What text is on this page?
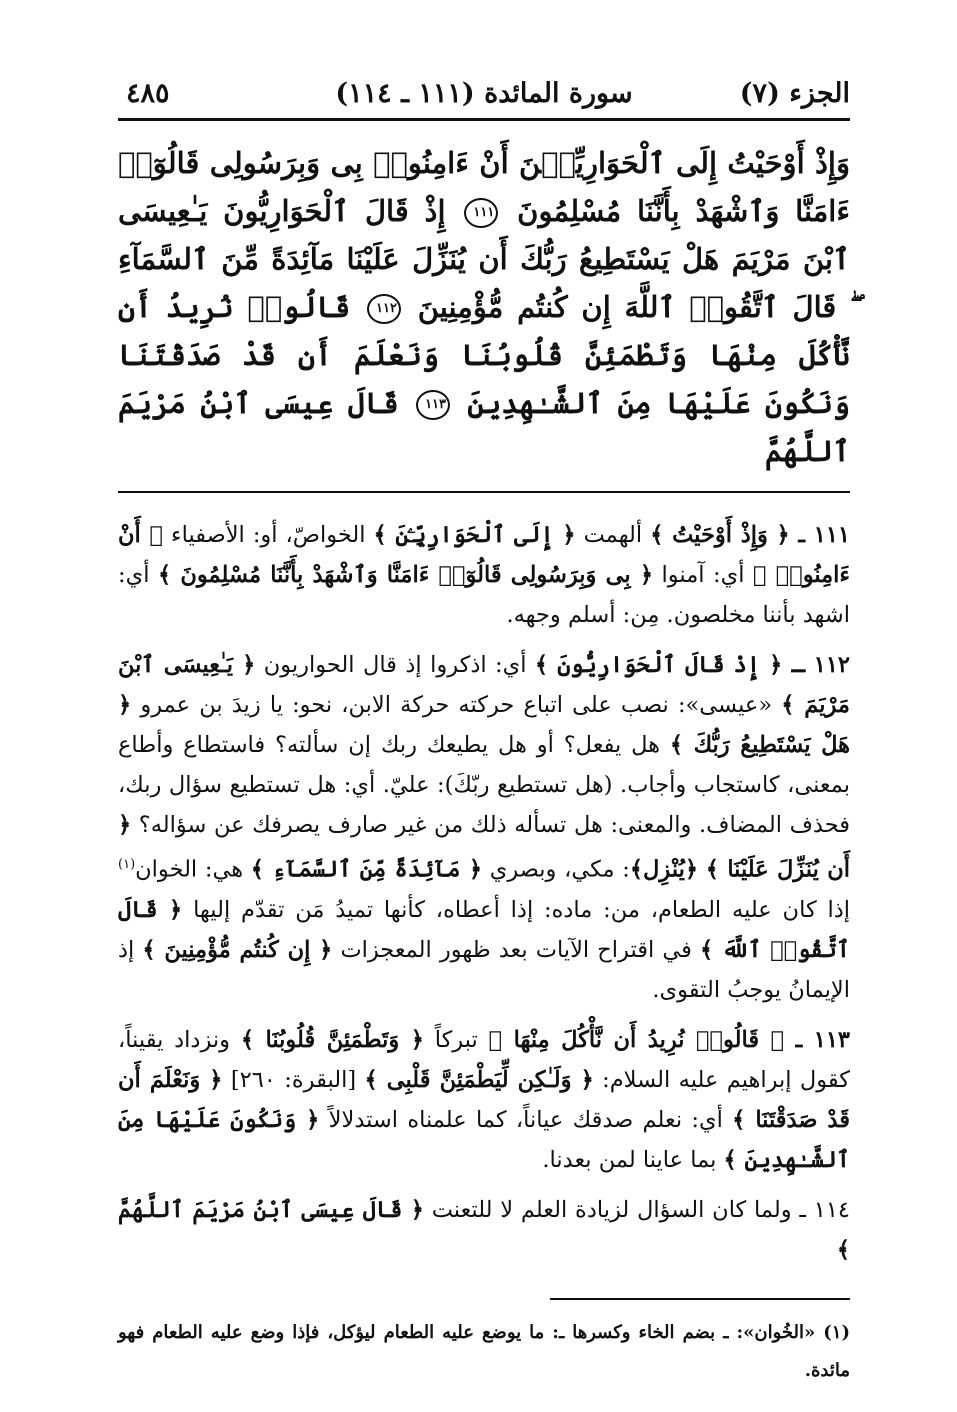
الجزء (٧)
سورة المائدة (١١١ ـ ١١٤)
٤٨٥
وَإِذْ أَوْحَيْتُ إِلَى ٱلْحَوَارِيِّـۧنَ أَنْ ءَامِنُوا۟ بِى وَبِرَسُولِى قَالُوٓا۟ ءَامَنَّا وَٱشْهَدْ بِأَنَّنَا مُسْلِمُونَ ١١١ إِذْ قَالَ ٱلْحَوَارِيُّونَ يَـٰعِيسَى ٱبْنَ مَرْيَمَ هَلْ يَسْتَطِيعُ رَبُّكَ أَن يُنَزِّلَ عَلَيْنَا مَآئِدَةً مِّنَ ٱلسَّمَآءِ ۖ قَالَ ٱتَّقُوا۟ ٱللَّهَ إِن كُنتُم مُّؤْمِنِينَ ١١٢ قَالُوا۟ نُرِيدُ أَن نَّأْكُلَ مِنْهَا وَتَطْمَئِنَّ قُلُوبُنَا وَنَعْلَمَ أَن قَدْ صَدَقْتَنَا وَنَكُونَ عَلَيْهَا مِنَ ٱلشَّـٰهِدِينَ ١١٣ قَالَ عِيسَى ٱبْنُ مَرْيَمَ ٱللَّهُمَّ

١١١ ـ ﴿ وَإِذْ أَوْحَيْتُ ﴾ ألهمت ﴿ إِلَى ٱلْحَوَارِيِّـۧنَ ﴾ الخواصّ، أو: الأصفياء ﴿ أَنْ ءَامِنُوا۟ ﴾ أي: آمنوا ﴿ بِى وَبِرَسُولِى قَالُوٓا۟ ءَامَنَّا وَٱشْهَدْ بِأَنَّنَا مُسْلِمُونَ ﴾ أي: اشهد بأننا مخلصون. مِن: أسلم وجهه.

١١٢ ـ ﴿ إِذْ قَالَ ٱلْحَوَارِيُّونَ ﴾ أي: اذكروا إذ قال الحواريون ﴿ يَـٰعِيسَى ٱبْنَ مَرْيَمَ ﴾ «عيسى»: نصب على اتباع حركته حركة الابن، نحو: يا زيدَ بن عمرو ﴿ هَلْ يَسْتَطِيعُ رَبُّكَ ﴾ هل يفعل؟ أو هل يطيعك ربك إن سألته؟ فاستطاع وأطاع بمعنى، كاستجاب وأجاب. (هل تستطيع ربّكَ): عليّ. أي: هل تستطيع سؤال ربك، فحذف المضاف. والمعنى: هل تسأله ذلك من غير صارف يصرفك عن سؤاله؟ ﴿ أَن يُنَزِّلَ عَلَيْنَا ﴾ ﴿يُنْزِل﴾: مكي، وبصري ﴿ مَآئِدَةً مِّنَ ٱلسَّمَآءِ ﴾ هي: الخوان$^{(١)}$ إذا كان عليه الطعام، من: ماده: إذا أعطاه، كأنها تميدُ مَن تقدّم إليها ﴿ قَالَ ٱتَّقُوا۟ ٱللَّهَ ﴾ في اقتراح الآيات بعد ظهور المعجزات ﴿ إِن كُنتُم مُّؤْمِنِينَ ﴾ إذ الإيمانُ يوجبُ التقوى.

١١٣ ـ ﴿ قَالُوا۟ نُرِيدُ أَن نَّأْكُلَ مِنْهَا ﴾ تبركاً ﴿ وَتَطْمَئِنَّ قُلُوبُنَا ﴾ ونزداد يقيناً، كقول إبراهيم عليه السلام: ﴿ وَلَـٰكِن لِّيَطْمَئِنَّ قَلْبِى ﴾ [البقرة: ٢٦٠] ﴿ وَنَعْلَمَ أَن قَدْ صَدَقْتَنَا ﴾ أي: نعلم صدقك عياناً، كما علمناه استدلالاً ﴿ وَنَكُونَ عَلَيْهَا مِنَ ٱلشَّـٰهِدِينَ ﴾ بما عاينا لمن بعدنا.

١١٤ ـ ولما كان السؤال لزيادة العلم لا للتعنت ﴿ قَالَ عِيسَى ٱبْنُ مَرْيَمَ ٱللَّهُمَّ ﴾

(١) «الخُوان»: ـ بضم الخاء وكسرها ـ: ما يوضع عليه الطعام ليؤكل، فإذا وضع عليه الطعام فهو مائدة.
